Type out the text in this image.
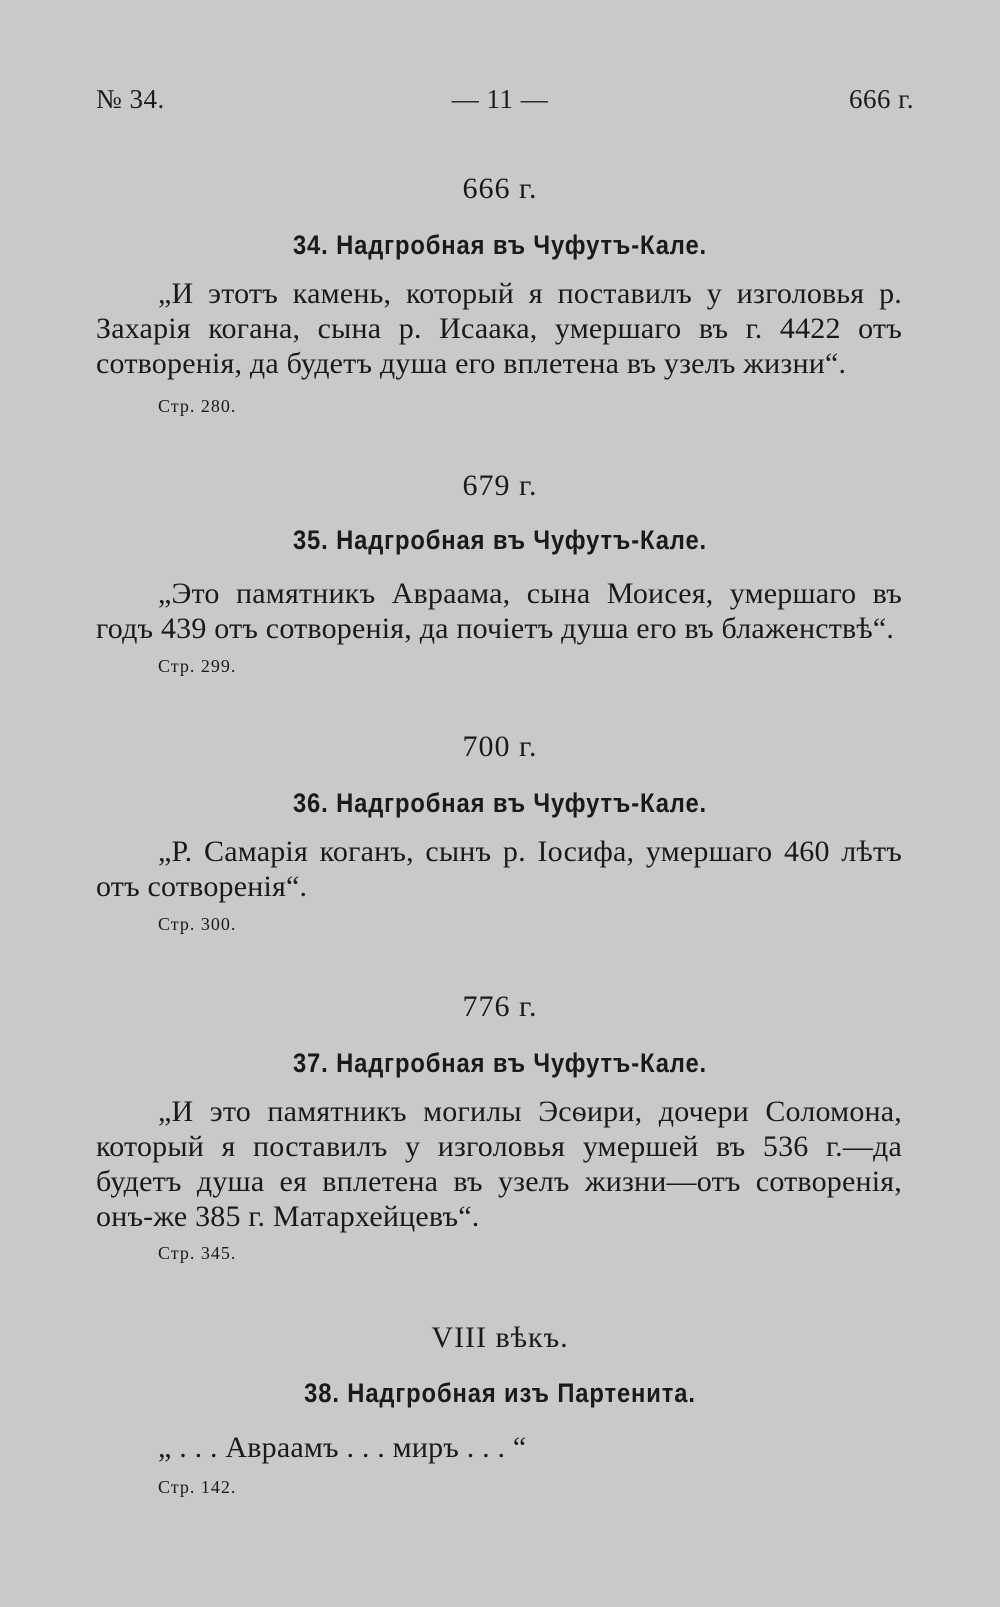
№ 34.	— 11 —	666 г.
666 г.
34. Надгробная въ Чуфутъ-Кале.
„И этотъ камень, который я поставилъ у изголовья р. Захарія когана, сына р. Исаака, умершаго въ г. 4422 отъ сотворенія, да будетъ душа его вплетена въ узелъ жизни“.
Стр. 280.
679 г.
35. Надгробная въ Чуфутъ-Кале.
„Это памятникъ Авраама, сына Моисея, умершаго въ годъ 439 отъ сотворенія, да почіетъ душа его въ блаженствѣ“.
Стр. 299.
700 г.
36. Надгробная въ Чуфутъ-Кале.
„Р. Самарія коганъ, сынъ р. Іосифа, умершаго 460 лѣтъ отъ сотворенія“.
Стр. 300.
776 г.
37. Надгробная въ Чуфутъ-Кале.
„И это памятникъ могилы Эсѳири, дочери Соломона, который я поставилъ у изголовья умершей въ 536 г.—да будетъ душа ея вплетена въ узелъ жизни—отъ сотворенія, онъ-же 385 г. Матархейцевъ“.
Стр. 345.
VIII вѣкъ.
38. Надгробная изъ Партенита.
„ . . . Авраамъ . . . миръ . . . “
Стр. 142.
